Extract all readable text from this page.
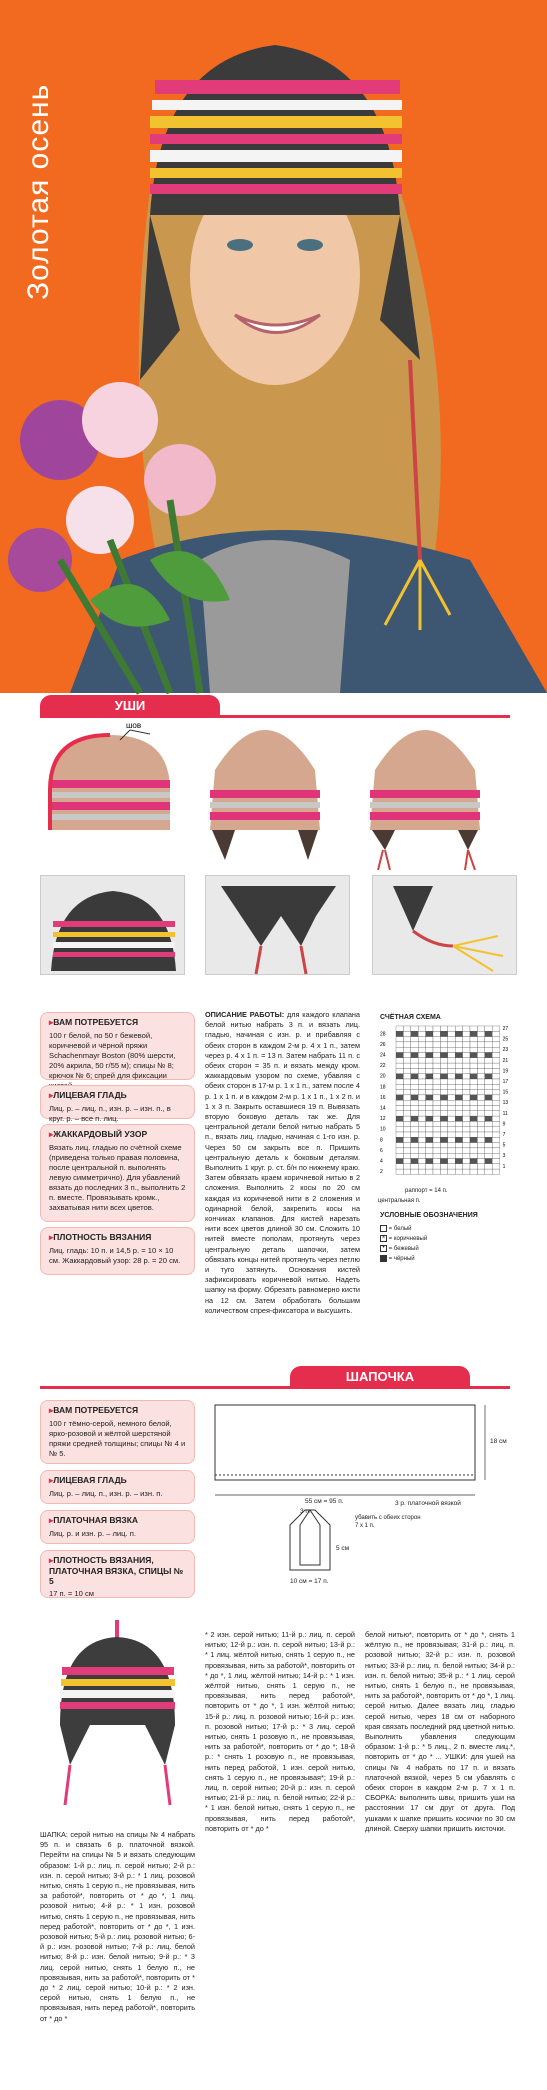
Золотая осень
УШИ
шов
▸ ВАМ ПОТРЕБУЕТСЯ

100 г белой, по 50 г бежевой, коричневой и чёрной пряжи Schachenmayr Boston (80% шерсти, 20% акрила, 50 г/55 м); спицы № 8; крючок № 6; спрей для фиксации

▸ ЛИЦЕВАЯ ГЛАДЬ

Лиц. р. – лиц. п., изн. р. – изн. п., в круг. р. – все п. лиц.

▸ ЖАККАРДОВЫЙ УЗОР

Вязать лиц. гладью по счётной схеме (приведена только правая половина, после центральной п. выполнять левую симметрично). Для убавлений вязать до последних 3 п., выполнить 2 п. вместе. Провязывать кромк., захватывая нити всех цветов.

▸ ПЛОТНОСТЬ ВЯЗАНИЯ

Лиц. гладь: 10 п. и 14,5 р. = 10 × 10 см. Жаккардовый узор: 28 р. = 20 см.

ОПИСАНИЕ РАБОТЫ: для каждого клапана белой нитью набрать 3 п. и вязать лиц. гладью, начиная с изн. р. и прибавляя с обеих сторон в каждом 2-м р. 4 х 1 п., затем через р. 4 х 1 п. = 13 п. Затем набрать 11 п. с обеих сторон = 35 п. и вязать между кром. жаккардовым узором по схеме, убавляя с обеих сторон в 17-м р. 1 х 1 п., затем после 4 р. 1 х 1 п. и в каждом 2-м р. 1 х 1 п., 1 х 2 п. и 1 х 3 п. Закрыть оставшиеся 19 п. Вывязать вторую боковую деталь так же. Для центральной детали белой нитью набрать 5 п., вязать лиц. гладью, начиная с 1-го изн. р. Через 50 см закрыть все п. Пришить центральную деталь к боковым деталям. Выполнить 1 круг. р. ст. б/н по нижнему краю. Затем обвязать краем коричневой нитью в 2 сложения. Выполнить 2 косы по 20 см каждая из коричневой нити в 2 сложения и одинарной белой, закрепить косы на кончиках клапанов. Для кистей нарезать нити всех цветов длиной 30 см. Сложить 10 нитей вместе пополам, протянуть через центральную деталь шапочки, затем обвязать концы нитей протянуть через петлю и туго затянуть. Основания кистей зафиксировать коричневой нитью. Надеть шапку на форму. Обрезать равномерно кисти на 12 см. Затем обработать большим количеством спрея-фиксатора и высушить.
СЧЁТНАЯ СХЕМА
28
26
24
22
20
18
16
14
12
10
8
6
4
2
27
25
23
21
19
17
15
13
11
9
7
5
3
1
раппорт = 14 п.
центральная п.
УСЛОВНЫЕ ОБОЗНАЧЕНИЯ
= белый
× = коричневый
• = бежевый
= чёрный
ШАПОЧКА
18 см
55 см = 95 п.	3 р. платочной вязкой
3 п.
убавить с обеих сторон 7 х 1 п.
5 см
10 см = 17 п.
▸ ВАМ ПОТРЕБУЕТСЯ

100 г тёмно-серой, немного белой, ярко-розовой и жёлтой шерстяной пряжи средней толщины; спицы № 4 и № 5.

▸ ЛИЦЕВАЯ ГЛАДЬ

Лиц. р. – лиц. п., изн. р. – изн. п.

▸ ПЛАТОЧНАЯ ВЯЗКА

Лиц. р. и изн. р. – лиц. п.

▸ ПЛОТНОСТЬ ВЯЗАНИЯ, ПЛАТОЧНАЯ ВЯЗКА, СПИЦЫ № 5

17 п. = 10 см

ШАПКА: серой нитью на спицы № 4 набрать 95 п. и связать 6 р. платочной вязкой. Перейти на спицы № 5 и вязать следующим образом: 1-й р.: лиц. п. серой нитью; 2-й р.: изн. п. серой нитью; 3-й р.: * 1 лиц. розовой нитью, снять 1 серую п., не провязывая, нить за работой*, повторить от * до *, 1 лиц. розовой нитью; 4-й р.: * 1 изн. розовой нитью, снять 1 серую п., не провязывая, нить перед работой*, повторить от * до *, 1 изн. розовой нитью; 5-й р.: лиц. розовой нитью; 6-й р.: изн. розовой нитью; 7-й р.: лиц. белой нитью; 8-й р.: изн. белой нитью; 9-й р.: * 3 лиц. серой нитью, снять 1 белую п., не провязывая, нить за работой*, повторить от * до * 2 лиц. серой нитью; 10-й р.: * 2 изн. серой нитью, снять 1 белую п., не провязывая, нить перед работой*, повторить от * до *
* 2 изн. серой нитью; 11-й р.: лиц. п. серой нитью; 12-й р.: изн. п. серой нитью; 13-й р.: * 1 лиц. жёлтой нитью, снять 1 серую п., не провязывая, нить за работой*, повторить от * до *, 1 лиц. жёлтой нитью; 14-й р.: * 1 изн. жёлтой нитью, снять 1 серую п., не провязывая, нить перед работой*, повторить от * до *, 1 изн. жёлтой нитью; 15-й р.: лиц. п. розовой нитью; 16-й р.: изн. п. розовой нитью; 17-й р.: * 3 лиц. серой нитью, снять 1 розовую п., не провязывая, нить за работой*, повторить от * до *; 18-й р.: * снять 1 розовую п., не провязывая, нить перед работой, 1 изн. серой нитью, снять 1 серую п., не провязывая*; 19-й р.: лиц. п. серой нитью; 20-й р.: изн. п. серой нитью; 21-й р.: лиц. п. белой нитью; 22-й р.: * 1 изн. белой нитью, снять 1 серую п., не провязывая, нить перед работой*, повторить от * до *
белой нитью*, повторить от * до *, снять 1 жёлтую п., не провязывая; 31-й р.: лиц. п. розовой нитью; 32-й р.: изн. п. розовой нитью; 33-й р.: лиц. п. белой нитью; 34-й р.: изн. п. белой нитью; 35-й р.: * 1 лиц. серой нитью, снять 1 белую п., не провязывая, нить за работой*, повторить от * до *, 1 лиц. серой нитью. Далее вязать лиц. гладью серой нитью, через 18 см от наборного края связать последний ряд цветной нитью. Выполнить убавления следующим образом: 1-й р.: * 5 лиц., 2 п. вместе лиц.*, повторить от * до * ... УШКИ: для ушей на спицы № 4 набрать по 17 п. и вязать платочной вязкой, через 5 см убавлять с обеих сторон в каждом 2-м р. 7 х 1 п. СБОРКА: выполнить швы, пришить уши на расстоянии 17 см друг от друга. Под ушками к шапке пришить косички по 30 см длиной. Сверху шапки пришить кисточки.
